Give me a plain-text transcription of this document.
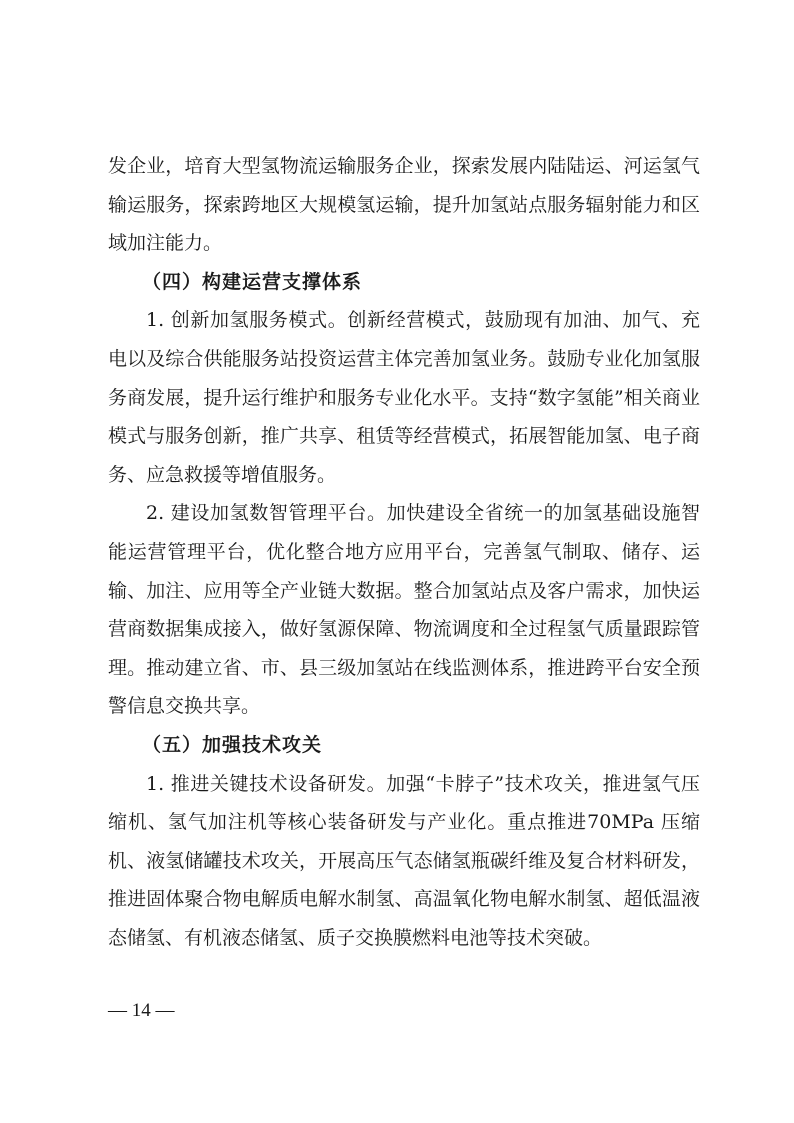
发企业，培育大型氢物流运输服务企业，探索发展内陆陆运、河运氢气输运服务，探索跨地区大规模氢运输，提升加氢站点服务辐射能力和区域加注能力。

（四）构建运营支撑体系

1. 创新加氢服务模式。创新经营模式，鼓励现有加油、加气、充电以及综合供能服务站投资运营主体完善加氢业务。鼓励专业化加氢服务商发展，提升运行维护和服务专业化水平。支持“数字氢能”相关商业模式与服务创新，推广共享、租赁等经营模式，拓展智能加氢、电子商务、应急救援等增值服务。

2. 建设加氢数智管理平台。加快建设全省统一的加氢基础设施智能运营管理平台，优化整合地方应用平台，完善氢气制取、储存、运输、加注、应用等全产业链大数据。整合加氢站点及客户需求，加快运营商数据集成接入，做好氢源保障、物流调度和全过程氢气质量跟踪管理。推动建立省、市、县三级加氢站在线监测体系，推进跨平台安全预警信息交换共享。

（五）加强技术攻关

1. 推进关键技术设备研发。加强“卡脖子”技术攻关，推进氢气压缩机、氢气加注机等核心装备研发与产业化。重点推进70MPa 压缩机、液氢储罐技术攻关，开展高压气态储氢瓶碳纤维及复合材料研发，推进固体聚合物电解质电解水制氢、高温氧化物电解水制氢、超低温液态储氢、有机液态储氢、质子交换膜燃料电池等技术突破。

— 14 —
